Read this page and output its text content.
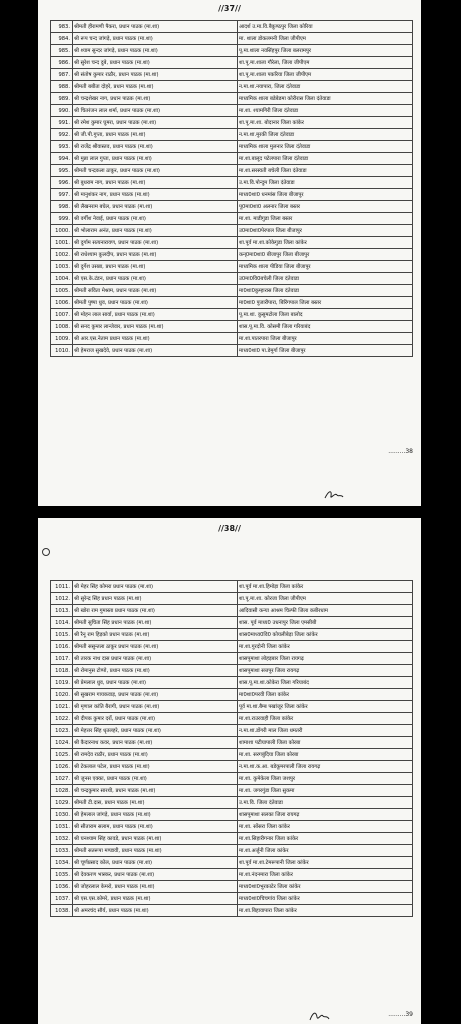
//37//
983.	श्रीमती हीरामणी पैकरा, प्रधान पाठक (मा.शा)	आदर्श उ.मा.वि.बैकुण्ठपुर जिला कोरिया
984.	श्री रूप चन्द जांगड़े, प्रधान पाठक (मा.शा)	मा. शाला डोकलमनी जिला जीपीएम
985.	श्री श्याम सुन्दर जांगड़े, प्रधान पाठक (मा.शा)	पू.मा.शाला नवसिंहपुर जिला बलरामपुर
986.	श्री सुरेश चन्द दुबे, प्रधान पाठक (मा.शा)	शा.पू.मा.शाला गौरेला, जिला जीपीएम
987.	श्री संतोष कुमार राठौर, प्रधान पाठक (मा.शा)	शा.पू.मा.शाला पकरिया जिला जीपीएम
988.	श्रीमती बबीता दोहरे, प्रधान पाठक (मा.शा)	न.मा.शा.नयापारा, जिला दंतेवाडा
989.	श्री चन्द्रशेखर नाग, प्रधान पाठक (मा.शा)	माध्यमिक शाला बडेबेडमा कोरीरास जिला दंतेवाडा
990.	श्री चितरंजन लाल शर्मा, प्रधान पाठक (मा.शा)	मा.शा. श्यामगिरी जिला दंतेवाडा
991.	श्री रमेश कुमार घुमरा, प्रधान पाठक (मा.शा)	शा.पू.मा.शा. बोदानार जिला कांकेर
992.	श्री जी.पी.गुप्ता, प्रधान पाठक (मा.शा)	न.मा.शा.मुरकी जिला दंतेवाडा
993.	श्री राजेंद्र श्रीवास्तव, प्रधान पाठक (मा.शा)	माध्यमिक शाला मुलनार जिला दंतेवाडा
994.	श्री मुन्ना लाल गुप्ता, प्रधान पाठक (मा.शा)	मा.शा.बालूद पटेलपारा जिला दंतेवाडा
995.	श्रीमती चन्द्रकला ठाकुर, प्रधान पाठक (मा.शा)	मा.शा.सरस्वती बचेली जिला दंतेवाडा
996.	श्री बुधराम नाग, प्रधान पाठक (मा.शा)	उ.मा.वि.पोन्दुम जिला दंतेवाडा
997.	श्री मानुशंकर नाग, प्रधान पाठक (मा.शा)	माध्य0शा0 धनमांस जिला बीजापुर
998.	श्री लैखनराम बघेल, प्रधान पाठक (मा.शा)	पू0मा0शा0 अलनार जिला बस्तर
999.	श्री वर्गीश नेवाई, प्रधान पाठक (मा.शा)	मा.शा. माडीगुडा जिला बस्तर
1000.	श्री भोलाराम अनंत, प्रधान पाठक (मा.शा)	उ0मा0शा0पेरपाल जिला बीजापुर
1001.	श्री दुर्गाम सत्यनारायण, प्रधान पाठक (मा.शा)	शा.पूर्व मा.शा.कोकेगुडा जिला कांकेर
1002.	श्री राधेश्याम कुलदीप, प्रधान पाठक (मा.शा)	कन्0मा0शा0 बीजापुर जिला बीजापुर
1003.	श्री दुर्गेश उसन्ना, प्रधान पाठक (मा.शा)	माध्यमिक शाला पीडिया जिला बीजापुर
1004.	श्री एस.के.टंडन, प्रधान पाठक (मा.शा)	उ0मा0वि0बचेली जिला दंतेवाडा
1005.	श्रीमती सविता मेश्राम, प्रधान पाठक (मा.शा)	मा0शा0कुम्हारास जिला दंतेवाडा
1006.	श्रीमती पुष्पा धुव, प्रधान पाठक (मा.शा)	मा0शा0 पुजारीपारा, बिरिंगपाल जिला बस्तर
1007.	श्री मोहन लाल सार्वा, प्रधान पाठक (मा.शा)	पू.मा.शा. कुसुमटोला जिला बालोद
1008.	श्री सनद कुमार लान्जेवार, प्रधान पाठक (मा.शा)	शास.पू.मा.वि. कोसमी जिला गरियाबंद
1009.	श्री आर.एस.नेताम प्रधान पाठक (मा.शा)	मा.शा.पातरपारा जिला बीजापुर
1010.	श्री हेमराज सुखदेवे, प्रधान पाठक (मा.शा)	माध्य0शा0 पा.डेमुर्गा जिला बीजापुर
.........38
//38//
1011.	श्री मेहर सिंह कोमरा प्रधान पाठक (मा.शा)	शा.पूर्व मा.शा.हिमोड़ा जिला कांकेर
1012.	श्री सुरेन्द्र सिंह प्रधान पाठक (मा.शा)	शा.पू.मा.शा. कोरजा जिला जीपीएम
1013.	श्री खोरा राम गुमास्ता प्रधान पाठक (मा.शा)	आदिवासी कन्या आश्रम चिल्फी जिला कबीरधाम
1014.	श्रीमती सुचिता सिंह प्रधान पाठक (मा.शा)	शास. पूर्व माध्य0 उधनापुर जिला एमसीबी
1015.	श्री रैनू राम हिड़को प्रधान पाठक (मा.शा)	शास0माध्य0वि0 कोयलीबेड़ा जिला कांकेर
1016.	श्रीमती ससुन्तला ठाकुर प्रधान पाठक (मा.शा)	मा.शा.गुरदोनी जिला कांकेर
1017.	श्री तारक नाथ दास प्रधान पाठक (मा.शा)	शासपूमाशा लोहड़बार जिला रायगढ़
1018.	श्री रोमानुस टोप्पो, प्रधान पाठक (मा.शा)	शासपूमाशा सत्तपुर जिला रायगढ़
1019.	श्री प्रेमलाल धुव, प्रधान पाठक (मा.शा)	शास.पू.मा.शा.कोकेरा जिला गरियाबंद
1020.	श्री सुखराम गायकवाड़, प्रधान पाठक (मा.शा)	मा0शा0परवी जिला कांकेर
1021.	श्री मृणाल कांति बैरागी, प्रधान पाठक (मा.शा)	पूर्व मा.शा.बैम्ब पखांजूर जिला कांकेर
1022.	श्री दीपक कुमार दर्रो, प्रधान पाठक (मा.शा)	मा.शा.राउरवाही जिला कांकेर
1023.	श्री मेहत्तर सिंह धृतलहरे, प्रधान पाठक (मा.शा)	न.मा.शा.डोंगरी माल जिला धमतरी
1024.	श्री कैदारनाथ कवर, प्रधान पाठक (मा.शा)	शामाशा पटीयापाली जिला कोरबा
1025.	श्री रामदेव राठौर, प्रधान पाठक (मा.शा)	मा.शा. सरगबुंदिया जिला कोरबा
1026.	श्री टेकलाल पटेल, प्रधान पाठक (मा.शा)	न.मा.शा.क.आ. बडेकूमरपाली जिला रायगढ़
1027.	श्री जुनस एक्का, प्रधान पाठक (मा.शा)	मा.शा. कुमेकेला जिला जशपुर
1028.	श्री चन्द्रकुमार सारथी, प्रधान पाठक (मा.शा)	मा.शा. जगरगुंडा जिला सुकमा
1029.	श्रीमती टी.दास, प्रधान पाठक (मा.शा)	उ.मा.वि. जिला दंतेवाडा
1030.	श्री हेमलाल जांगड़े, प्रधान पाठक (मा.शा)	शासपूमाशा सलका जिला रायगढ़
1031.	श्री सीताराम सलाम, प्रधान पाठक (मा.शा)	मा.शा. सोंसरा जिला कांकेर
1032.	श्री घनश्याम सिंह कावडे, प्रधान पाठक (मा.शा)	मा.शा.सिहारीगनार जिला कांकेर
1033.	श्रीमती सतरूपा मण्डावी, प्रधान पाठक (मा.शा)	मा.शा.अर्जुनी जिला कांकेर
1034.	श्री चूर्णप्रसाद कोल, प्रधान पाठक (मा.शा)	शा.पूर्व मा.शा.टेमरूपानी जिला कांकेर
1035.	श्री देवकरण भास्कर, प्रधान पाठक (मा.शा)	मा.शा.नंदनमारा जिला कांकेर
1036.	श्री जोहरलाल केमरो, प्रधान पाठक (मा.शा)	माध्य0शा0भुरकाटेर जिला कांकेर
1037.	श्री एस.एस.कोमरे, प्रधान पाठक (मा.शा)	माध्य0शा0चिचगांव जिला कांकेर
1038.	श्री अमरचंद सौर्य, प्रधान पाठक (मा.शा)	मा.शा.बिहावापारा जिला कांकेर
.........39
